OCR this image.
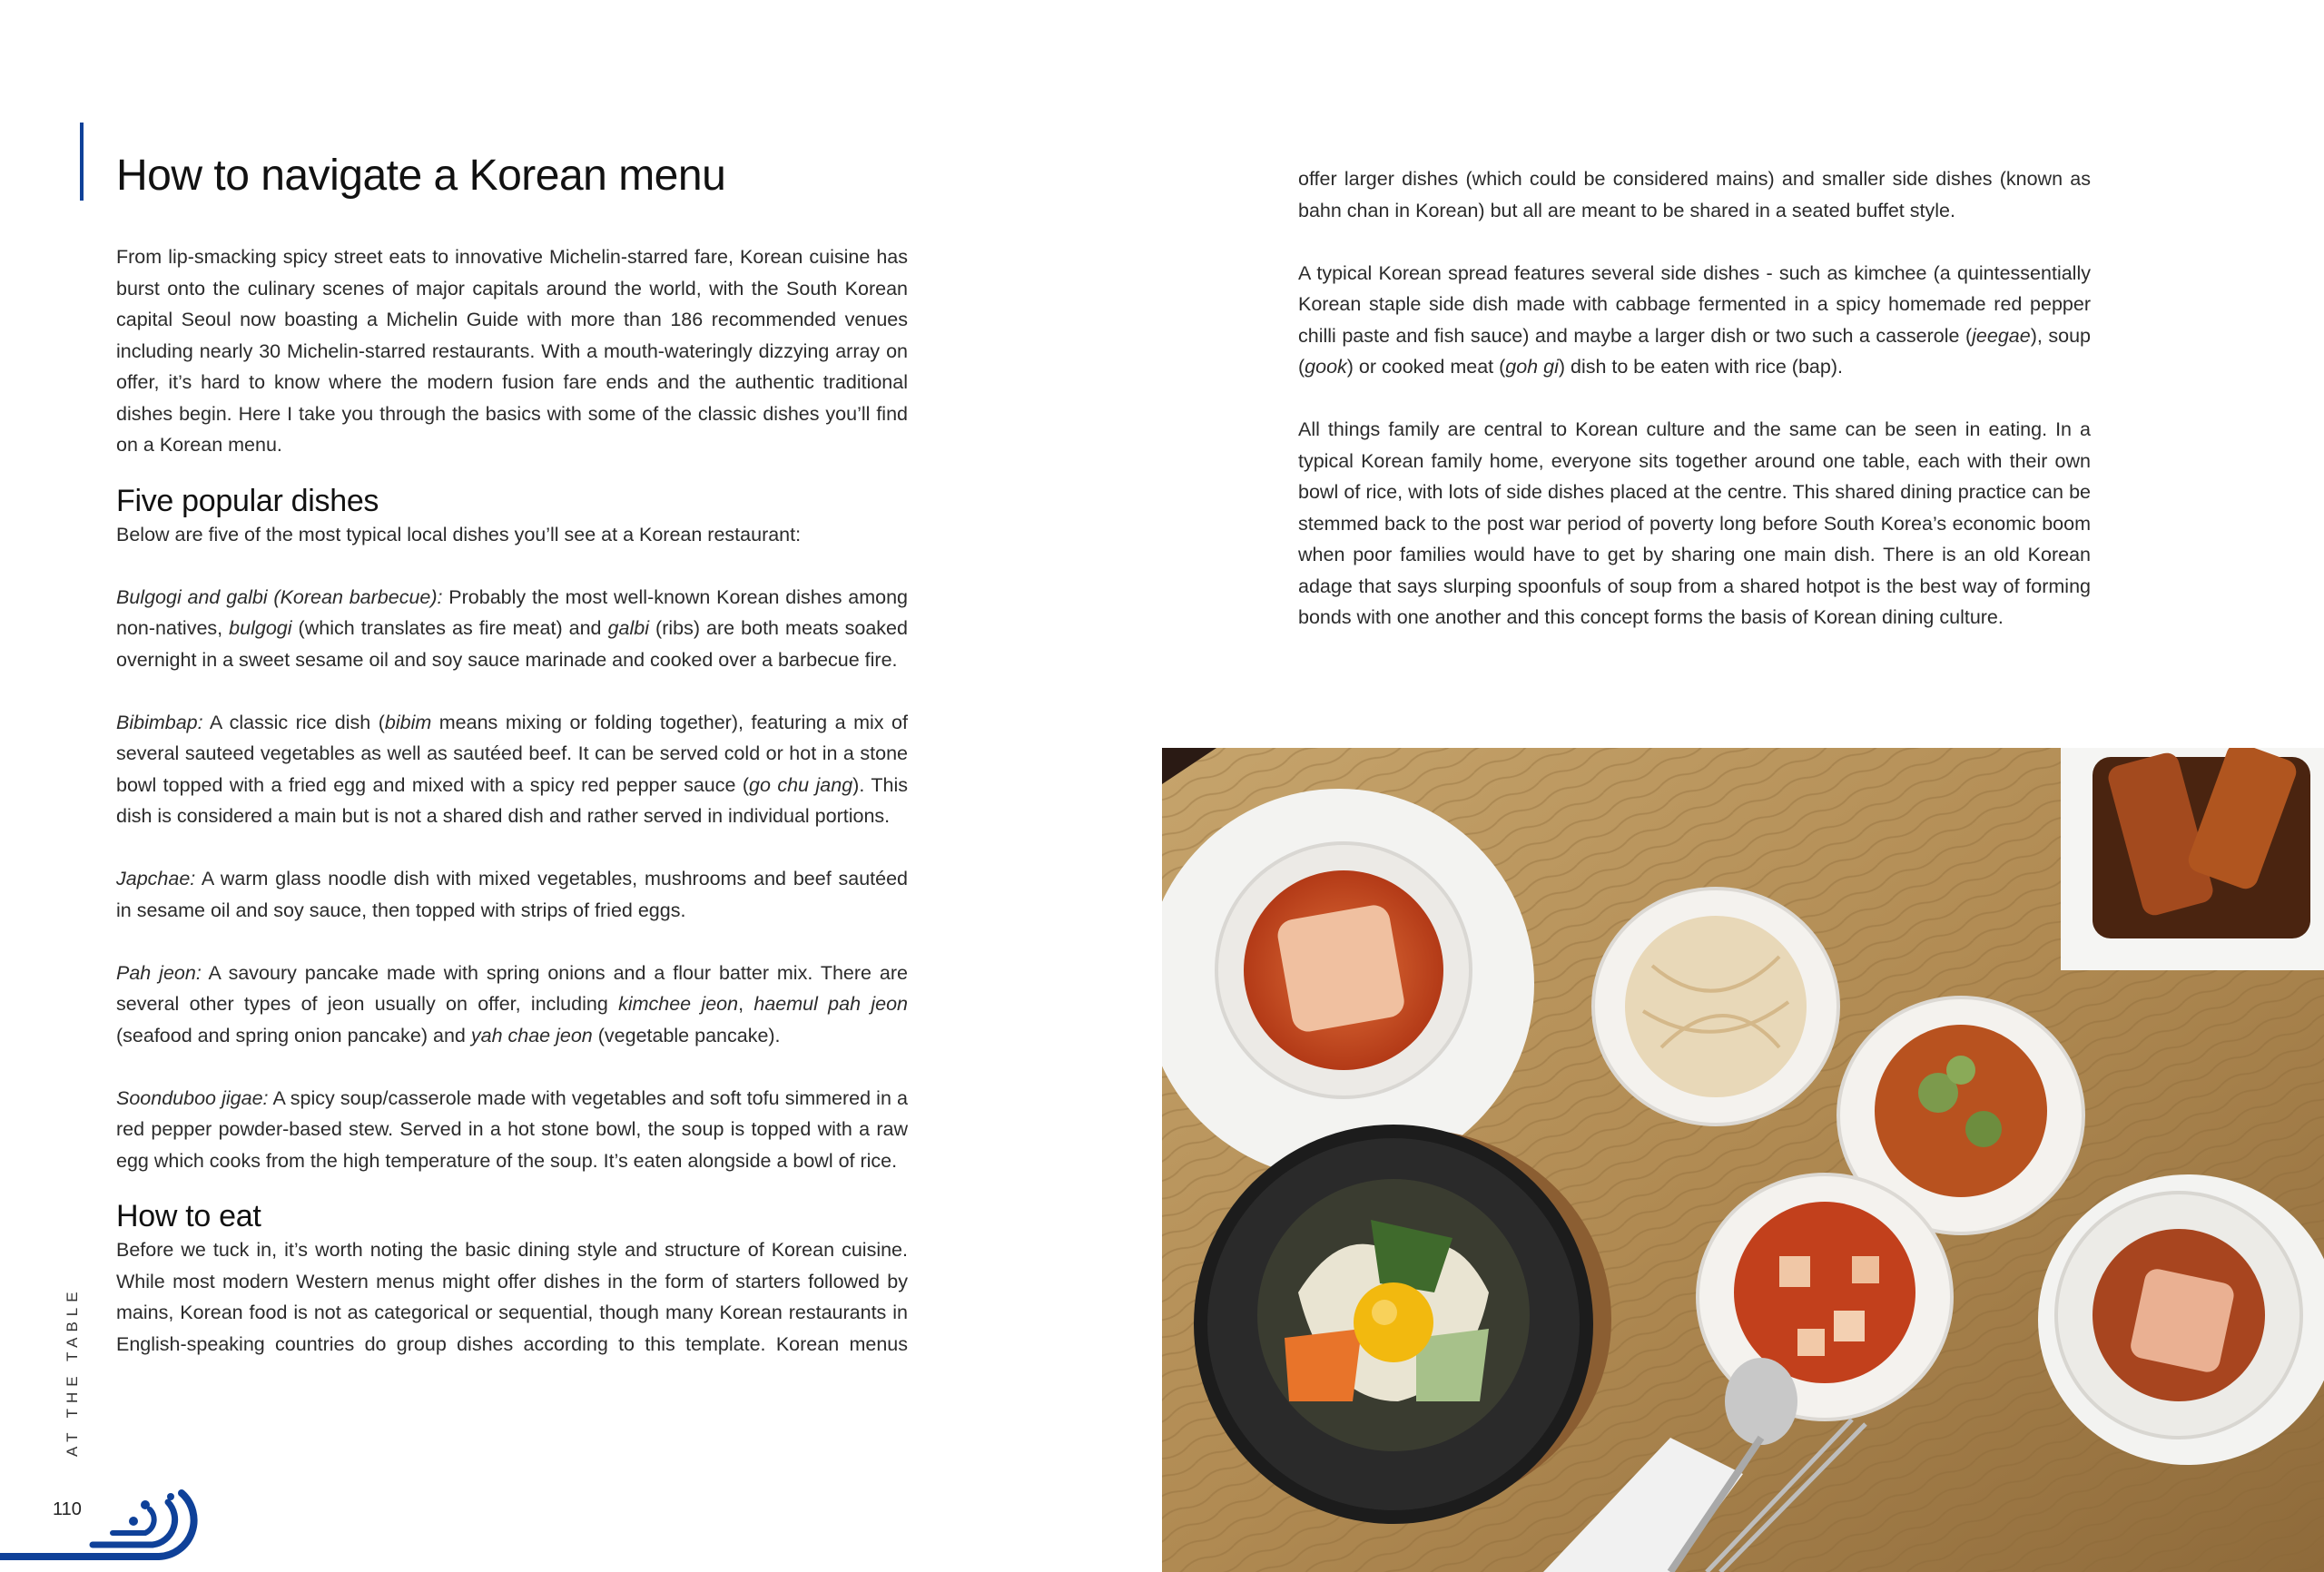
How to navigate a Korean menu

From lip-smacking spicy street eats to innovative Michelin-starred fare, Korean cuisine has burst onto the culinary scenes of major capitals around the world, with the South Korean capital Seoul now boasting a Michelin Guide with more than 186 recommended venues including nearly 30 Michelin-starred restaurants. With a mouth-wateringly dizzying array on offer, it’s hard to know where the modern fusion fare ends and the authentic traditional dishes begin. Here I take you through the basics with some of the classic dishes you’ll find on a Korean menu.

Five popular dishes

Below are five of the most typical local dishes you’ll see at a Korean restaurant:

Bulgogi and galbi (Korean barbecue): Probably the most well-known Korean dishes among non-natives, bulgogi (which translates as fire meat) and galbi (ribs) are both meats soaked overnight in a sweet sesame oil and soy sauce marinade and cooked over a barbecue fire.

Bibimbap: A classic rice dish (bibim means mixing or folding together), featuring a mix of several sauteed vegetables as well as sautéed beef. It can be served cold or hot in a stone bowl topped with a fried egg and mixed with a spicy red pepper sauce (go chu jang). This dish is considered a main but is not a shared dish and rather served in individual portions.

Japchae: A warm glass noodle dish with mixed vegetables, mushrooms and beef sautéed in sesame oil and soy sauce, then topped with strips of fried eggs.

Pah jeon: A savoury pancake made with spring onions and a flour batter mix. There are several other types of jeon usually on offer, including kimchee jeon, haemul pah jeon (seafood and spring onion pancake) and yah chae jeon (vegetable pancake).

Soonduboo jigae: A spicy soup/casserole made with vegetables and soft tofu simmered in a red pepper powder-based stew. Served in a hot stone bowl, the soup is topped with a raw egg which cooks from the high temperature of the soup. It’s eaten alongside a bowl of rice.

How to eat

Before we tuck in, it’s worth noting the basic dining style and structure of Korean cuisine. While most modern Western menus might offer dishes in the form of starters followed by mains, Korean food is not as categorical or sequential, though many Korean restaurants in English-speaking countries do group dishes according to this template. Korean menus

offer larger dishes (which could be considered mains) and smaller side dishes (known as bahn chan in Korean) but all are meant to be shared in a seated buffet style.

A typical Korean spread features several side dishes - such as kimchee (a quintessentially Korean staple side dish made with cabbage fermented in a spicy homemade red pepper chilli paste and fish sauce) and maybe a larger dish or two such a casserole (jeegae), soup (gook) or cooked meat (goh gi) dish to be eaten with rice (bap).

All things family are central to Korean culture and the same can be seen in eating. In a typical Korean family home, everyone sits together around one table, each with their own bowl of rice, with lots of side dishes placed at the centre. This shared dining practice can be stemmed back to the post war period of poverty long before South Korea’s economic boom when poor families would have to get by sharing one main dish. There is an old Korean adage that says slurping spoonfuls of soup from a shared hotpot is the best way of forming bonds with one another and this concept forms the basis of Korean dining culture.

AT THE TABLE
110
